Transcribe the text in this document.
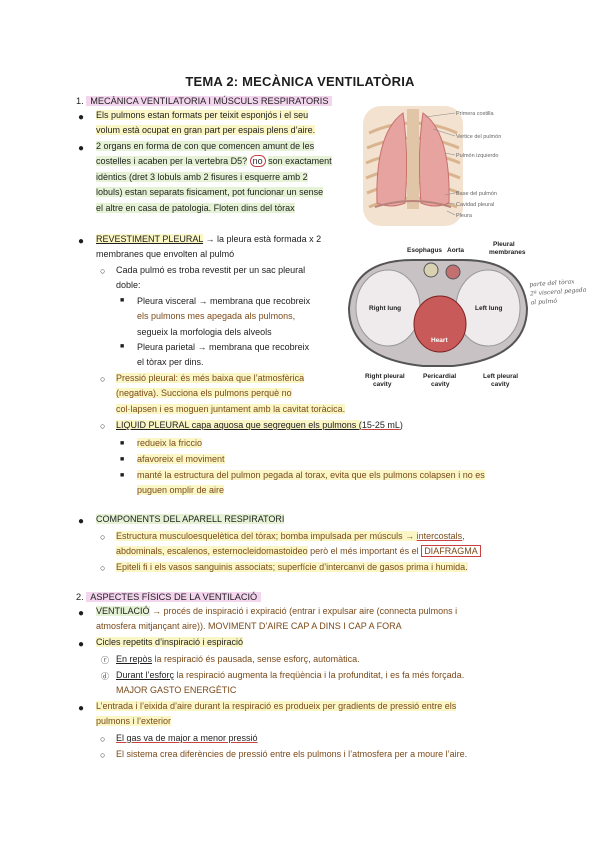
TEMA 2: MECÀNICA VENTILATÒRIA
1. MECÀNICA VENTILATORIA I MÚSCULS RESPIRATORIS
● Els pulmons estan formats per teixit esponjós i el seu
volum està ocupat en gran part per espais plens d’aire.
● 2 organs en forma de con que comencen amunt de les
costelles i acaben per la vertebra D5? no son exactament
idèntics (dret 3 lobuls amb 2 fisures i esquerre amb 2
lobuls) estan separats fisicament, pot funcionar un sense
el altre en casa de patologia. Floten dins del tòrax
Primera costilla
Vertice del pulmón
Pulmón izquierdo
Base del pulmón
Cavidad pleural
Pleura
● REVESTIMENT PLEURAL → la pleura està formada x 2
membranes que envolten al pulmó
○ Cada pulmó es troba revestit per un sac pleural
doble:
■ Pleura visceral → membrana que recobreix
els pulmons mes apegada als pulmons,
segueix la morfologia dels alveols
■ Pleura parietal → membrana que recobreix
el tòrax per dins.
○ Pressió pleural: és més baixa que l’atmosfèrica
(negativa). Succiona els pulmons perquè no
col·lapsen i es moguen juntament amb la cavitat toràcica.
Esophagus Aorta
Pleural
membranes
Right lung	Left lung
Heart
Right pleural
cavity
Pericardial
cavity
Left pleural
cavity
parte del tòrax
2ª visceral pegada
al pulmó
○ LIQUID PLEURAL capa aquosa que segreguen els pulmons (15-25 mL)
■ redueix la friccio
■ afavoreix el moviment
■ manté la estructura del pulmon pegada al torax, evita que els pulmons colapsen i no es
puguen omplir de aire
● COMPONENTS DEL APARELL RESPIRATORI
○ Estructura musculoesquelètica del tòrax; bomba impulsada per músculs → intercostals,
abdominals, escalenos, esternocleidomastoideo però el més important és el DIAFRAGMA
○ Epiteli fi i els vasos sanguinis associats; superfície d’intercanvi de gasos prima i humida.
2. ASPECTES FÍSICS DE LA VENTILACIÓ
● VENTILACIÓ → procés de inspiració i expiració (entrar i expulsar aire (connecta pulmons i
atmosfera mitjançant aire)). MOVIMENT D’AIRE CAP A DINS I CAP A FORA
● Cicles repetits d’inspiració i espiració
ⓡ En repòs la respiració és pausada, sense esforç, automàtica.
ⓓ Durant l’esforç la respiració augmenta la freqüència i la profunditat, i es fa més forçada.
MAJOR GASTO ENERGÈTIC
● L’entrada i l’eixida d’aire durant la respiració es produeix per gradients de pressió entre els
pulmons i l’exterior
○ El gas va de major a menor pressió
○ El sistema crea diferències de pressió entre els pulmons i l’atmosfera per a moure l’aire.
